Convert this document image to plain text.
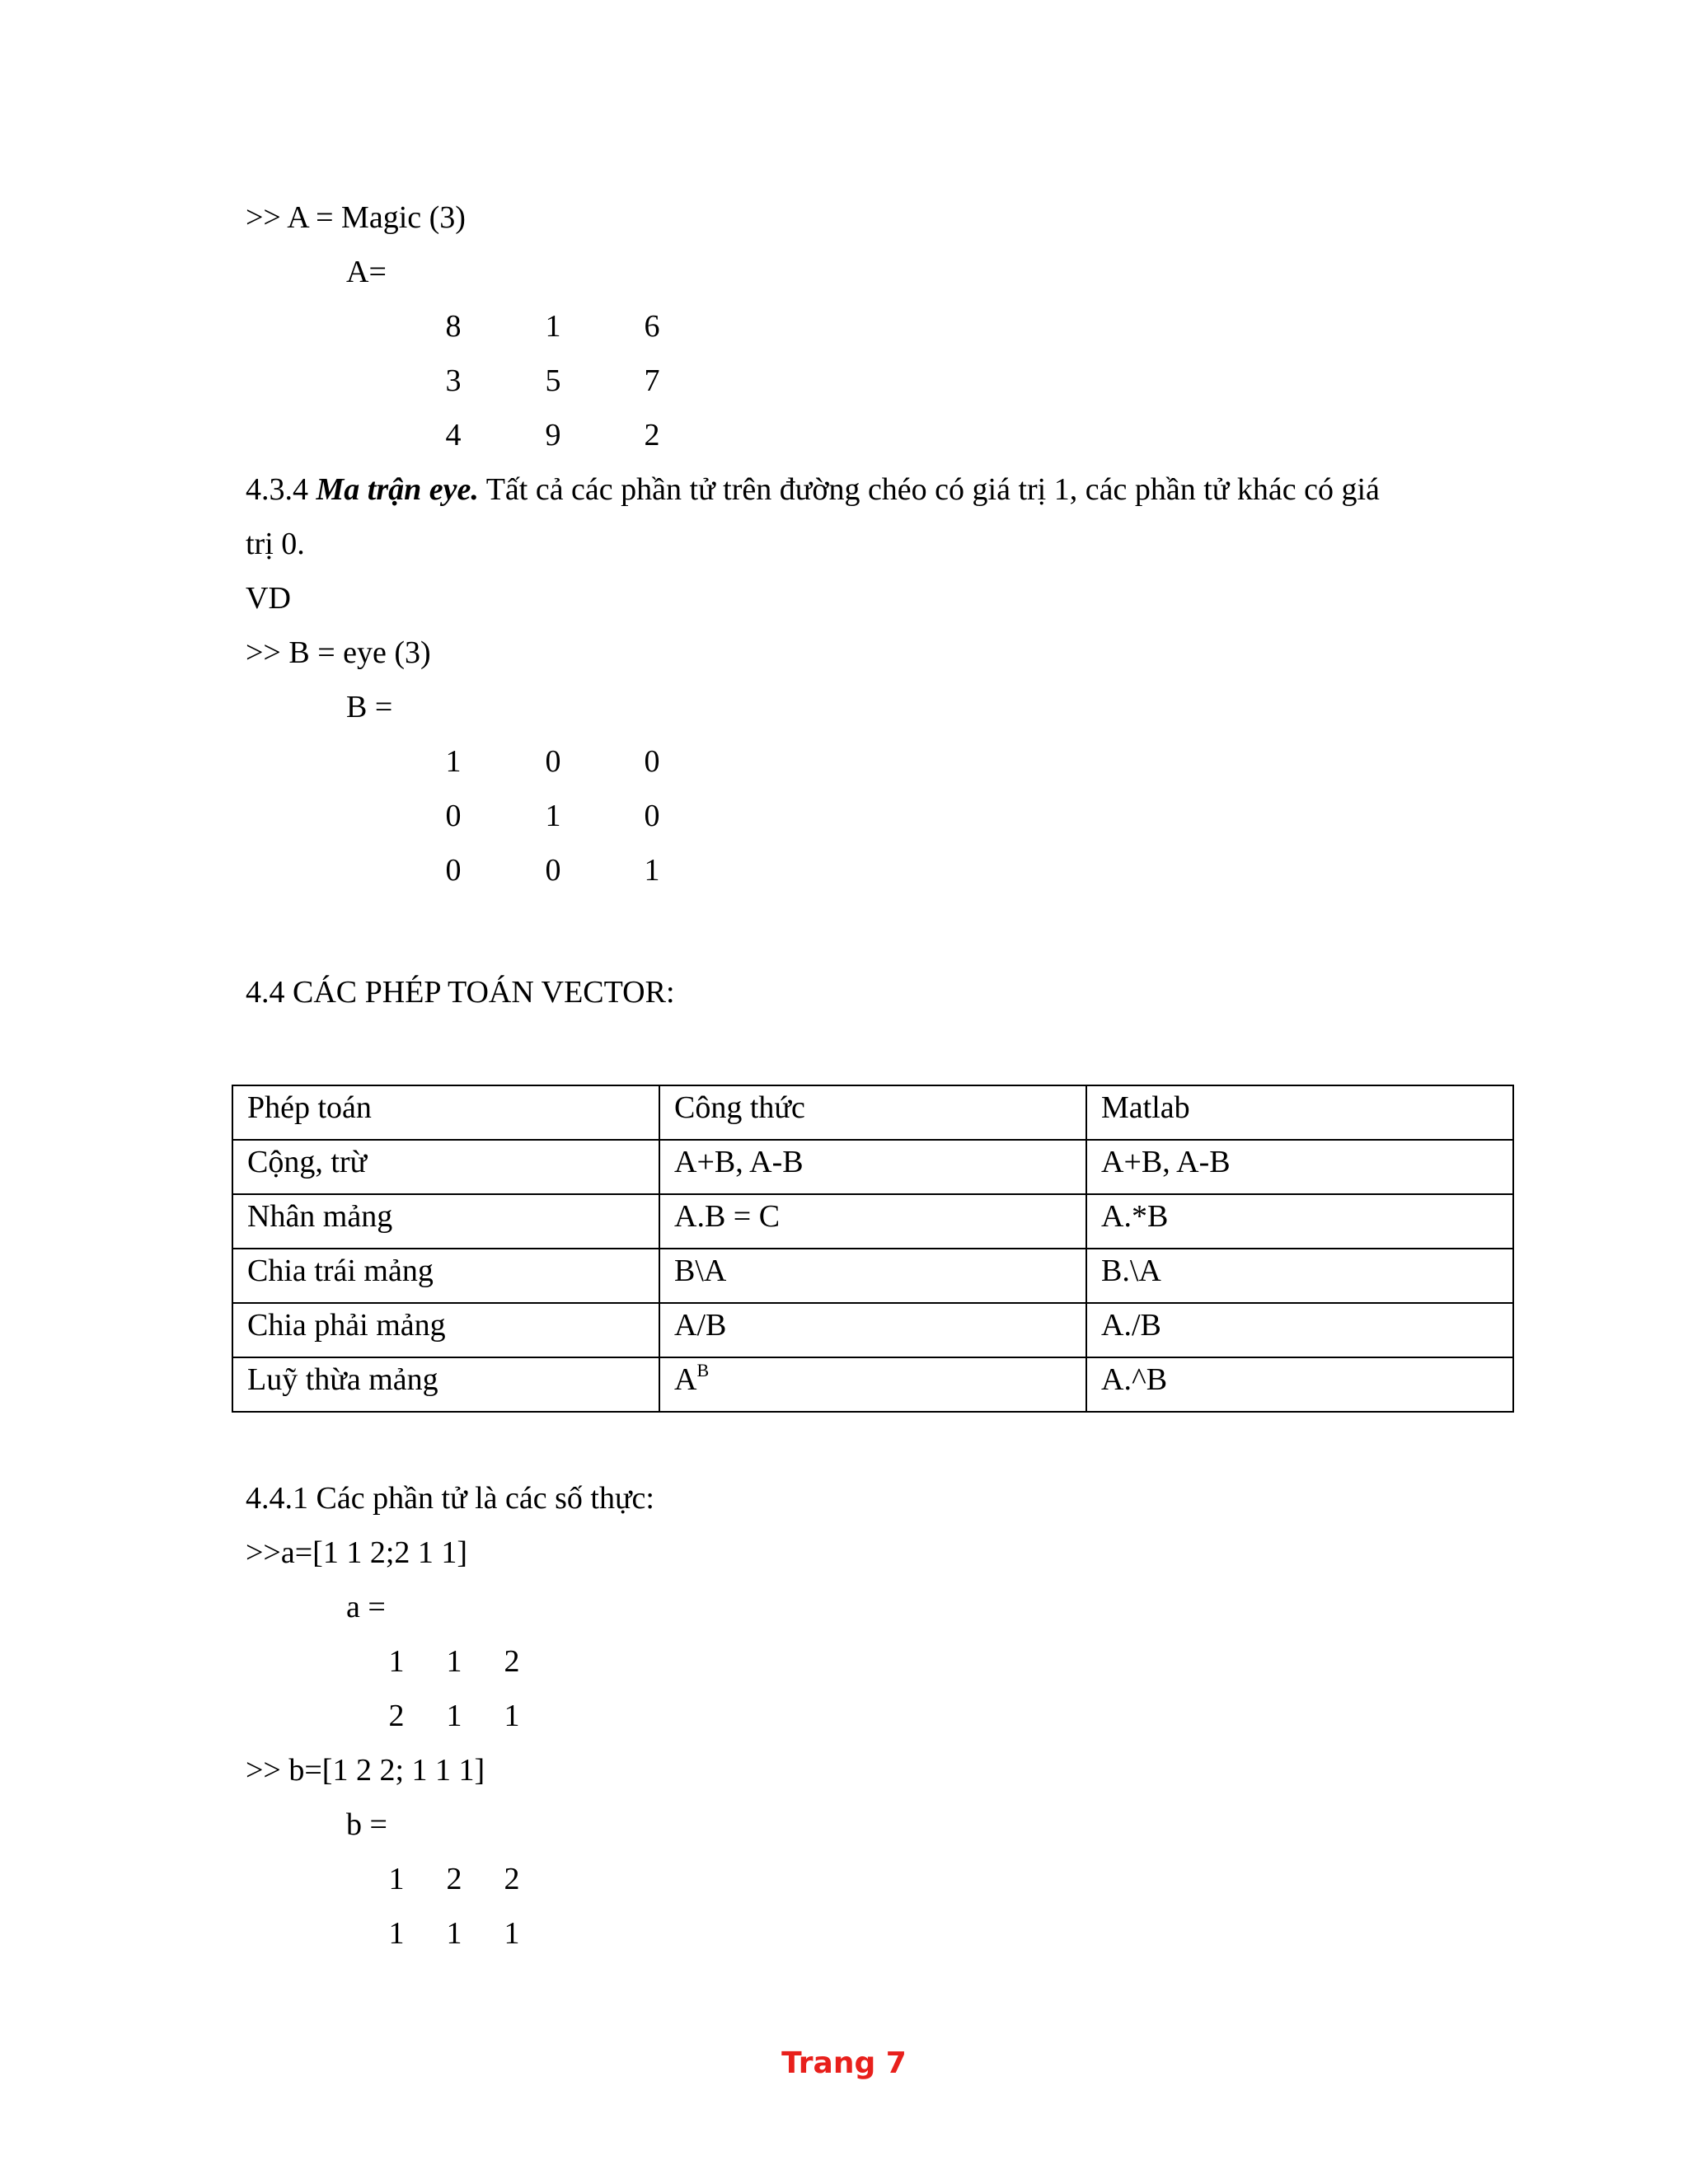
>> A = Magic (3)
A=
8	1	6
3	5	7
4	9	2
4.3.4 Ma trận eye. Tất cả các phần tử trên đường chéo có giá trị 1, các phần tử khác có giá
trị 0.
VD
>> B = eye (3)
B =
1	0	0
0	1	0
0	0	1
4.4 CÁC PHÉP TOÁN VECTOR:
Phép toán	Công thức	Matlab
Cộng, trừ	A+B, A-B	A+B, A-B
Nhân mảng	A.B = C	A.*B
Chia trái mảng	B\A	B.\A
Chia phải mảng	A/B	A./B
Luỹ thừa mảng	$A^B$	A.^B
4.4.1 Các phần tử là các số thực:
>>a=[1 1 2;2 1 1]
a =
1 1 2
2 1 1
>> b=[1 2 2; 1 1 1]
b =
1 2 2
1 1 1
Trang 7
